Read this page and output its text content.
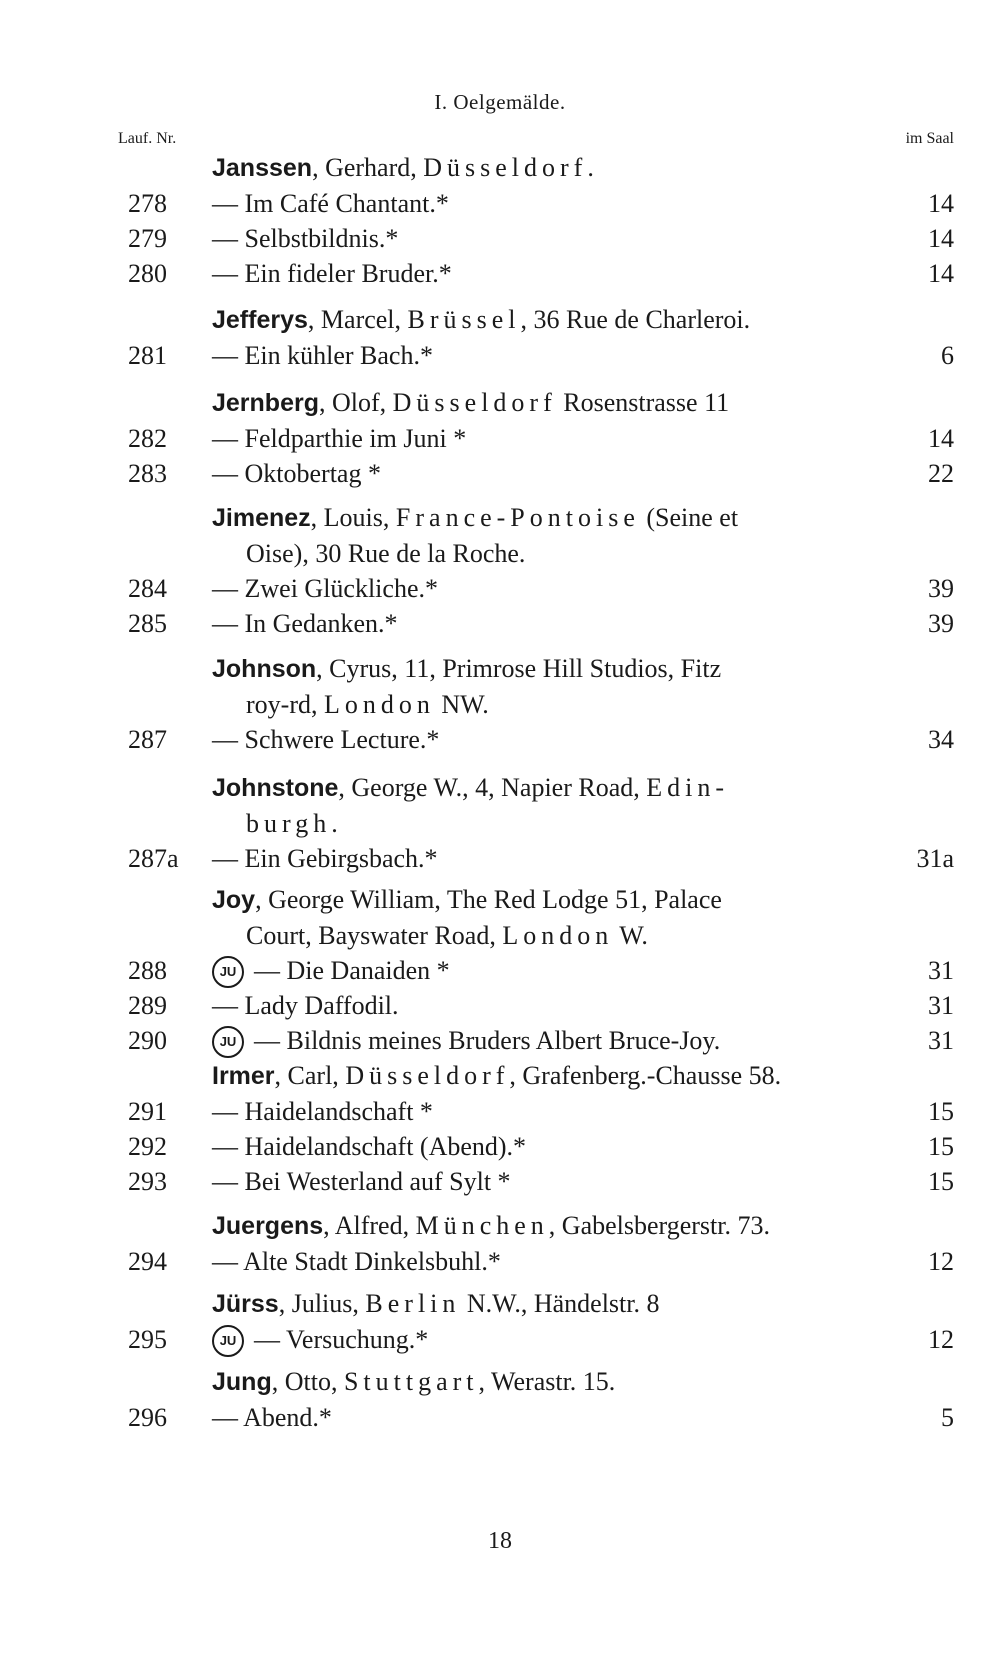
I. Oelgemälde.
Lauf. Nr.	im Saal
Janssen, Gerhard, Düsseldorf.
278	— Im Café Chantant.*	14
279	— Selbstbildnis.*	14
280	— Ein fideler Bruder.*	14
Jefferys, Marcel, Brüssel, 36 Rue de Charleroi.
281	— Ein kühler Bach.*	6
Jernberg, Olof, Düsseldorf Rosenstrasse 11
282	— Feldparthie im Juni *	14
283	— Oktobertag *	22
Jimenez, Louis, France-Pontoise (Seine et
Oise), 30 Rue de la Roche.
284	— Zwei Glückliche.*	39
285	— In Gedanken.*	39
Johnson, Cyrus, 11, Primrose Hill Studios, Fitz
roy-rd, London NW.
287	— Schwere Lecture.*	34
Johnstone, George W., 4, Napier Road, Edin-
burgh.
287a	— Ein Gebirgsbach.*	31a
Joy, George William, The Red Lodge 51, Palace
Court, Bayswater Road, London W.
288	JU — Die Danaiden *	31
289	— Lady Daffodil.	31
290	JU — Bildnis meines Bruders Albert Bruce-Joy.	31
Irmer, Carl, Düsseldorf, Grafenberg.-Chausse 58.
291	— Haidelandschaft *	15
292	— Haidelandschaft (Abend).*	15
293	— Bei Westerland auf Sylt *	15
Juergens, Alfred, München, Gabelsbergerstr. 73.
294	— Alte Stadt Dinkelsbuhl.*	12
Jürss, Julius, Berlin N.W., Händelstr. 8
295	JU — Versuchung.*	12
Jung, Otto, Stuttgart, Werastr. 15.
296	— Abend.*	5
18
